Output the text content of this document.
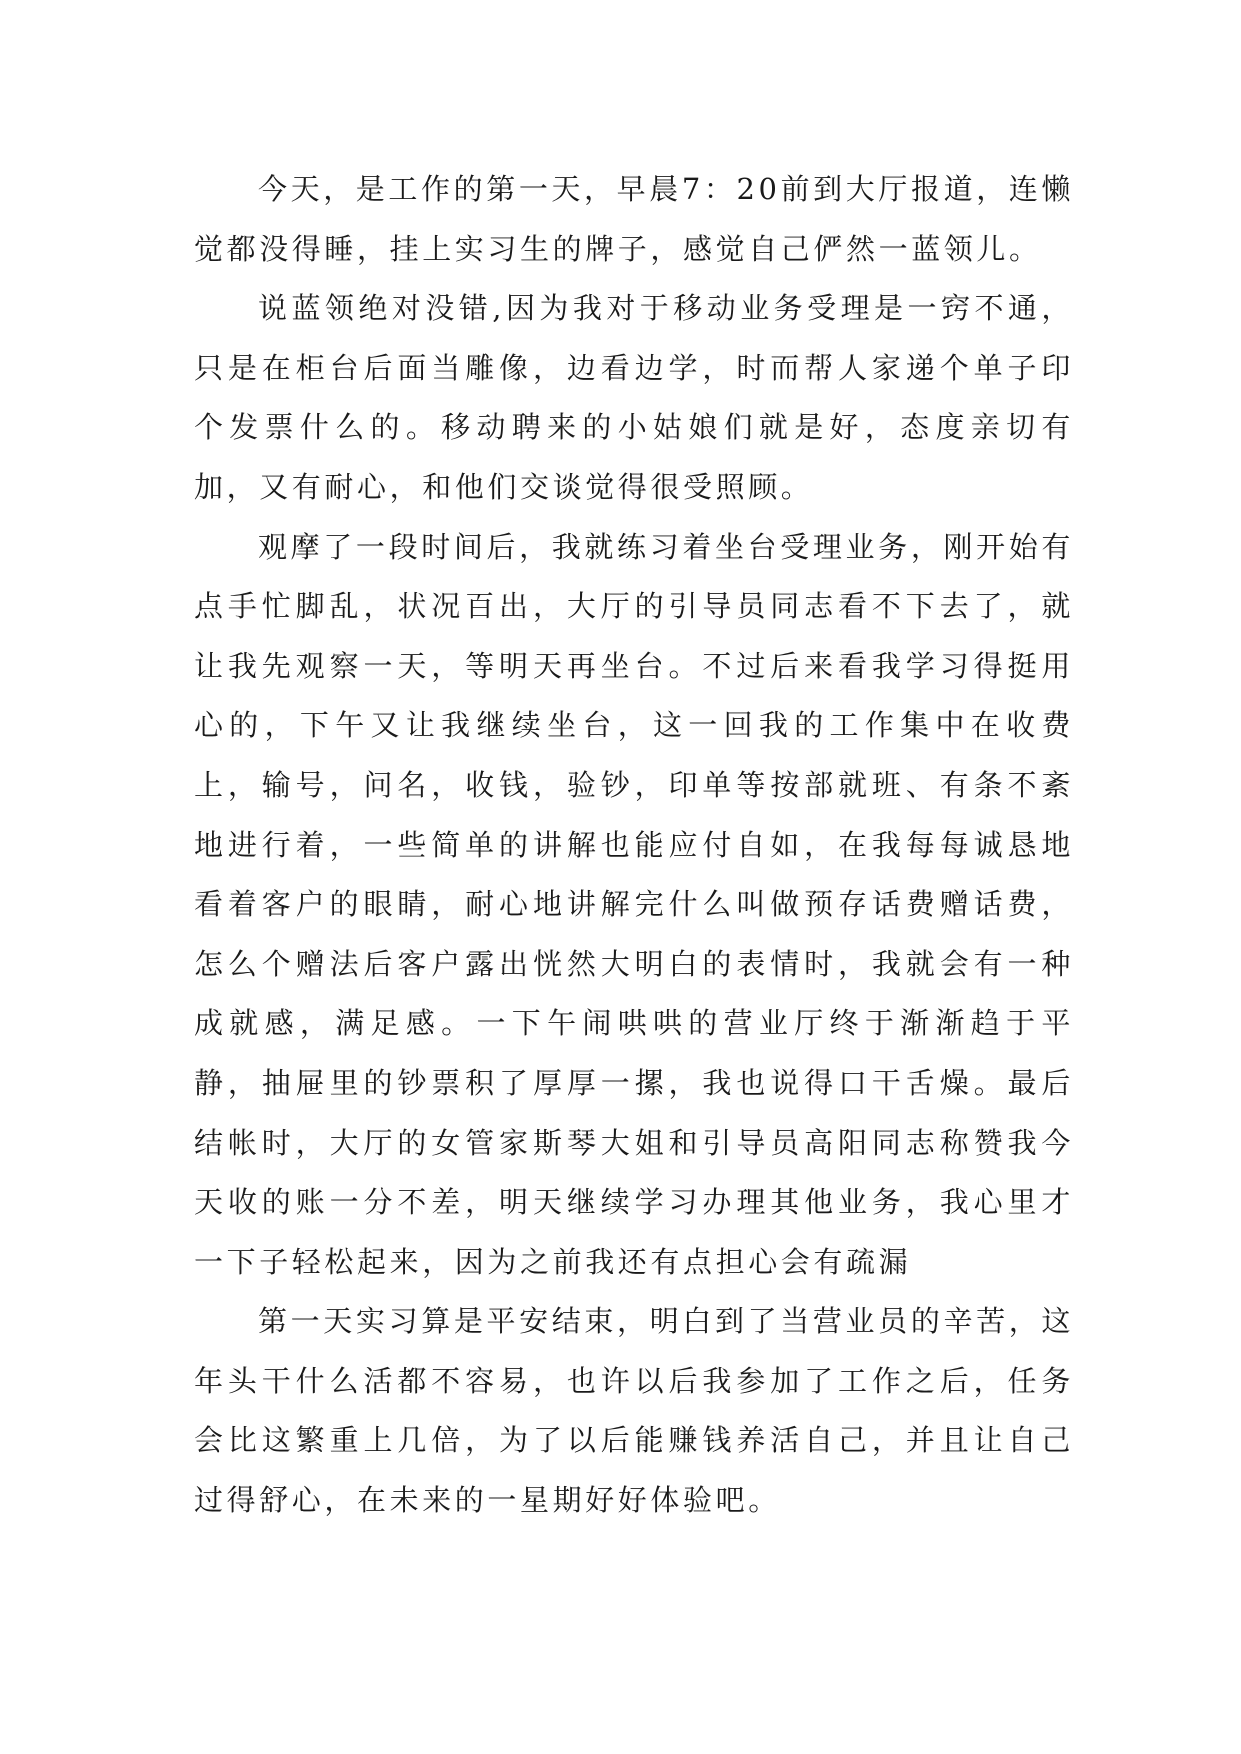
今天，是工作的第一天，早晨7：20前到大厅报道，连懒觉都没得睡，挂上实习生的牌子，感觉自己俨然一蓝领儿。

说蓝领绝对没错,因为我对于移动业务受理是一窍不通，只是在柜台后面当雕像，边看边学，时而帮人家递个单子印个发票什么的。移动聘来的小姑娘们就是好，态度亲切有加，又有耐心，和他们交谈觉得很受照顾。

观摩了一段时间后，我就练习着坐台受理业务，刚开始有点手忙脚乱，状况百出，大厅的引导员同志看不下去了，就让我先观察一天，等明天再坐台。不过后来看我学习得挺用心的，下午又让我继续坐台，这一回我的工作集中在收费上，输号，问名，收钱，验钞，印单等按部就班、有条不紊地进行着，一些简单的讲解也能应付自如，在我每每诚恳地看着客户的眼睛，耐心地讲解完什么叫做预存话费赠话费，怎么个赠法后客户露出恍然大明白的表情时，我就会有一种成就感，满足感。一下午闹哄哄的营业厅终于渐渐趋于平静，抽屉里的钞票积了厚厚一摞，我也说得口干舌燥。最后结帐时，大厅的女管家斯琴大姐和引导员高阳同志称赞我今天收的账一分不差，明天继续学习办理其他业务，我心里才一下子轻松起来，因为之前我还有点担心会有疏漏

第一天实习算是平安结束，明白到了当营业员的辛苦，这年头干什么活都不容易，也许以后我参加了工作之后，任务会比这繁重上几倍，为了以后能赚钱养活自己，并且让自己过得舒心，在未来的一星期好好体验吧。
